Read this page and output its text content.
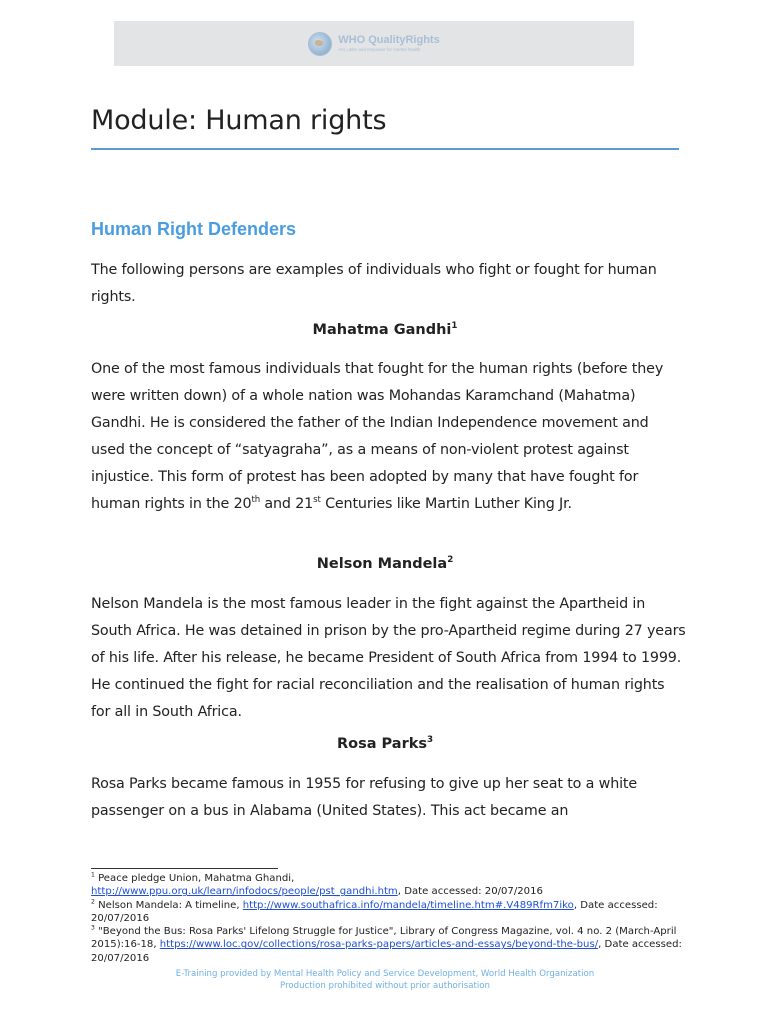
WHO QualityRights
Act, unite and empower for mental health
Module: Human rights
Human Right Defenders

The following persons are examples of individuals who fight or fought for human rights.

Mahatma Gandhi$^1$

One of the most famous individuals that fought for the human rights (before they were written down) of a whole nation was Mohandas Karamchand (Mahatma) Gandhi. He is considered the father of the Indian Independence movement and used the concept of “satyagraha”, as a means of non-violent protest against injustice. This form of protest has been adopted by many that have fought for human rights in the 20th and 21st Centuries like Martin Luther King Jr.

Nelson Mandela$^2$

Nelson Mandela is the most famous leader in the fight against the Apartheid in South Africa. He was detained in prison by the pro-Apartheid regime during 27 years of his life. After his release, he became President of South Africa from 1994 to 1999. He continued the fight for racial reconciliation and the realisation of human rights for all in South Africa.

Rosa Parks$^3$

Rosa Parks became famous in 1955 for refusing to give up her seat to a white passenger on a bus in Alabama (United States). This act became an

$^1$ Peace pledge Union, Mahatma Ghandi,
http://www.ppu.org.uk/learn/infodocs/people/pst_gandhi.htm, Date accessed: 20/07/2016

$^2$ Nelson Mandela: A timeline, http://www.southafrica.info/mandela/timeline.htm#.V489Rfm7iko, Date accessed: 20/07/2016

$^3$ "Beyond the Bus: Rosa Parks' Lifelong Struggle for Justice", Library of Congress Magazine, vol. 4 no. 2 (March-April 2015):16-18, https://www.loc.gov/collections/rosa-parks-papers/articles-and-essays/beyond-the-bus/, Date accessed: 20/07/2016

E-Training provided by Mental Health Policy and Service Development, World Health Organization
Production prohibited without prior authorisation
